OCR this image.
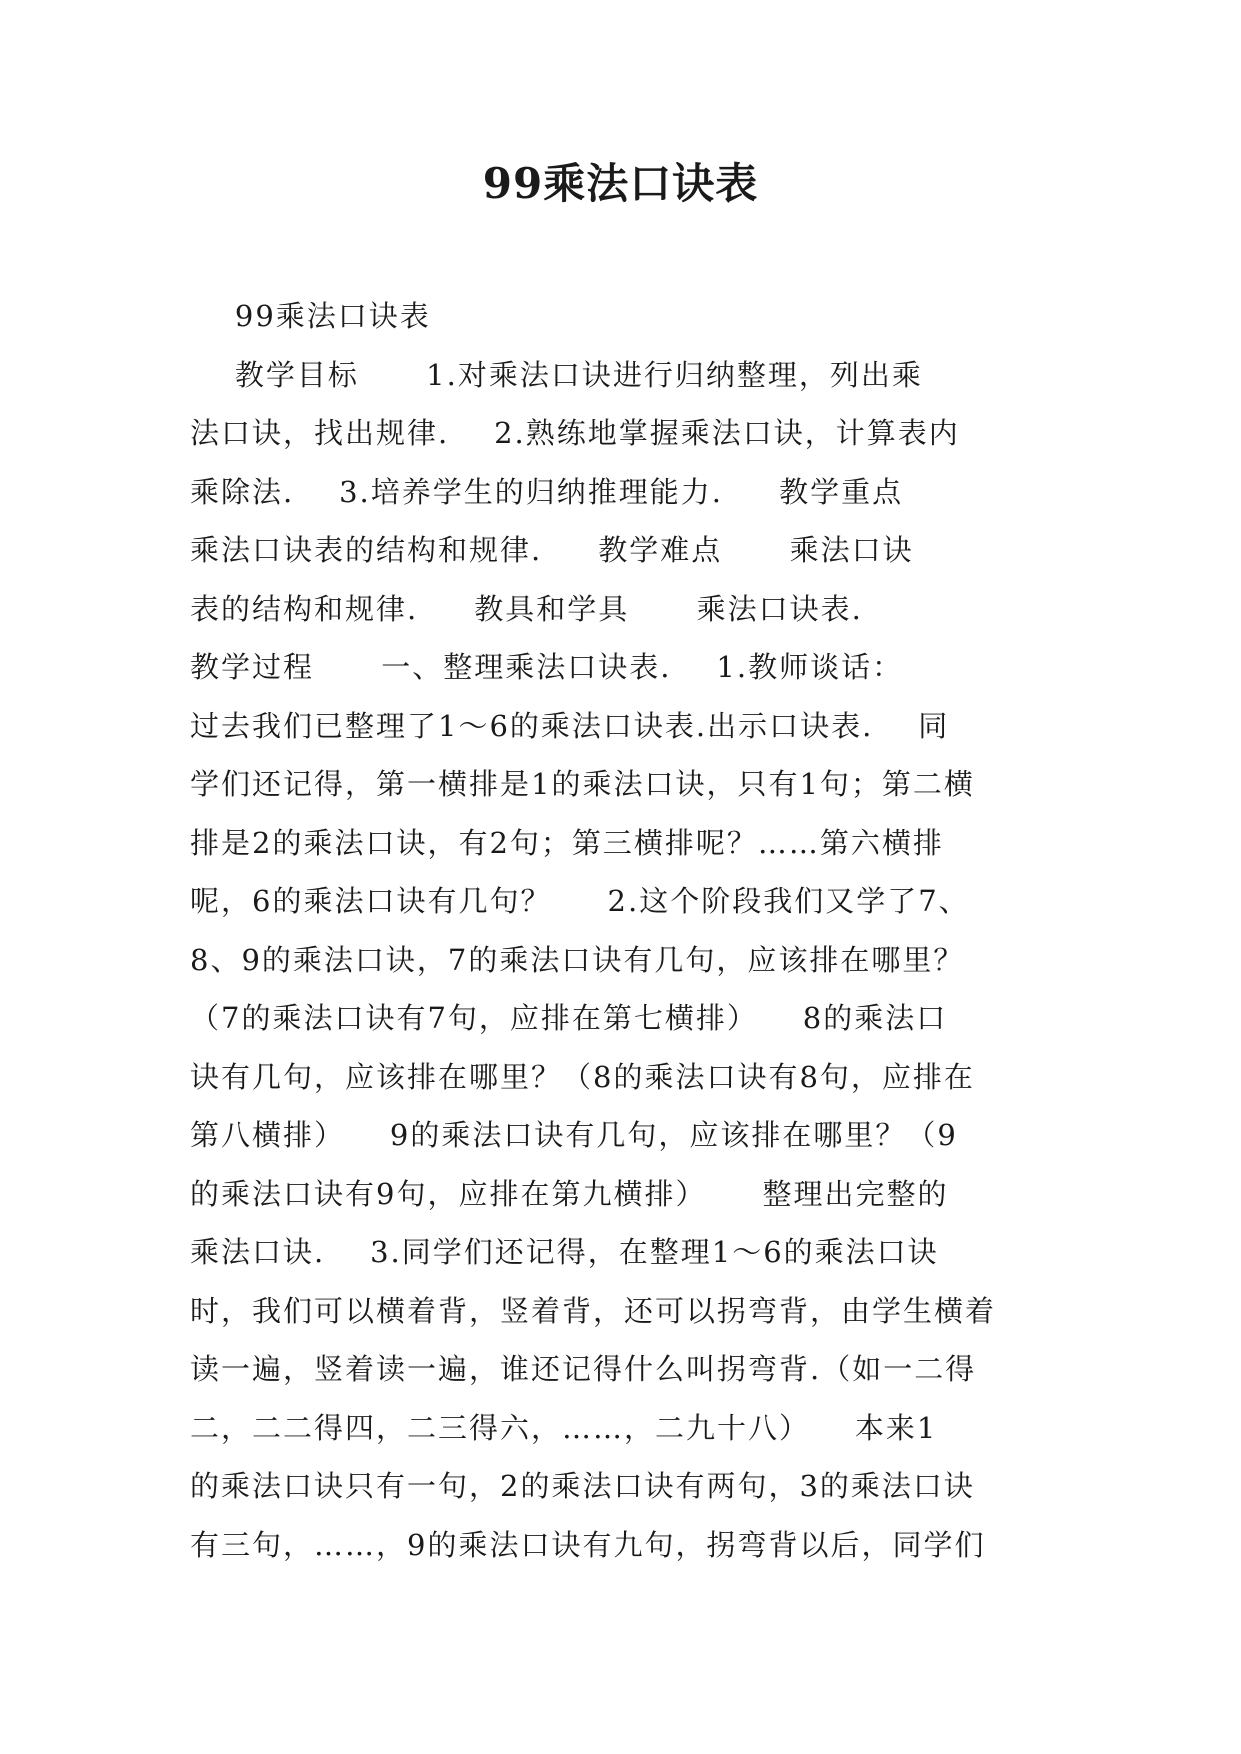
99乘法口诀表
99乘法口诀表
教学目标      1.对乘法口诀进行归纳整理，列出乘
法口诀，找出规律.    2.熟练地掌握乘法口诀，计算表内
乘除法.    3.培养学生的归纳推理能力.     教学重点
乘法口诀表的结构和规律.     教学难点      乘法口诀
表的结构和规律.     教具和学具      乘法口诀表.
教学过程      一、整理乘法口诀表.    1.教师谈话：
过去我们已整理了1～6的乘法口诀表.出示口诀表.    同
学们还记得，第一横排是1的乘法口诀，只有1句；第二横
排是2的乘法口诀，有2句；第三横排呢？……第六横排
呢，6的乘法口诀有几句？     2.这个阶段我们又学了7、
8、9的乘法口诀，7的乘法口诀有几句，应该排在哪里？
（7的乘法口诀有7句，应排在第七横排）    8的乘法口
诀有几句，应该排在哪里？（8的乘法口诀有8句，应排在
第八横排）    9的乘法口诀有几句，应该排在哪里？（9
的乘法口诀有9句，应排在第九横排）     整理出完整的
乘法口诀.    3.同学们还记得，在整理1～6的乘法口诀
时，我们可以横着背，竖着背，还可以拐弯背，由学生横着
读一遍，竖着读一遍，谁还记得什么叫拐弯背.（如一二得
二，二二得四，二三得六，……，二九十八）    本来1
的乘法口诀只有一句，2的乘法口诀有两句，3的乘法口诀
有三句，……，9的乘法口诀有九句，拐弯背以后，同学们
